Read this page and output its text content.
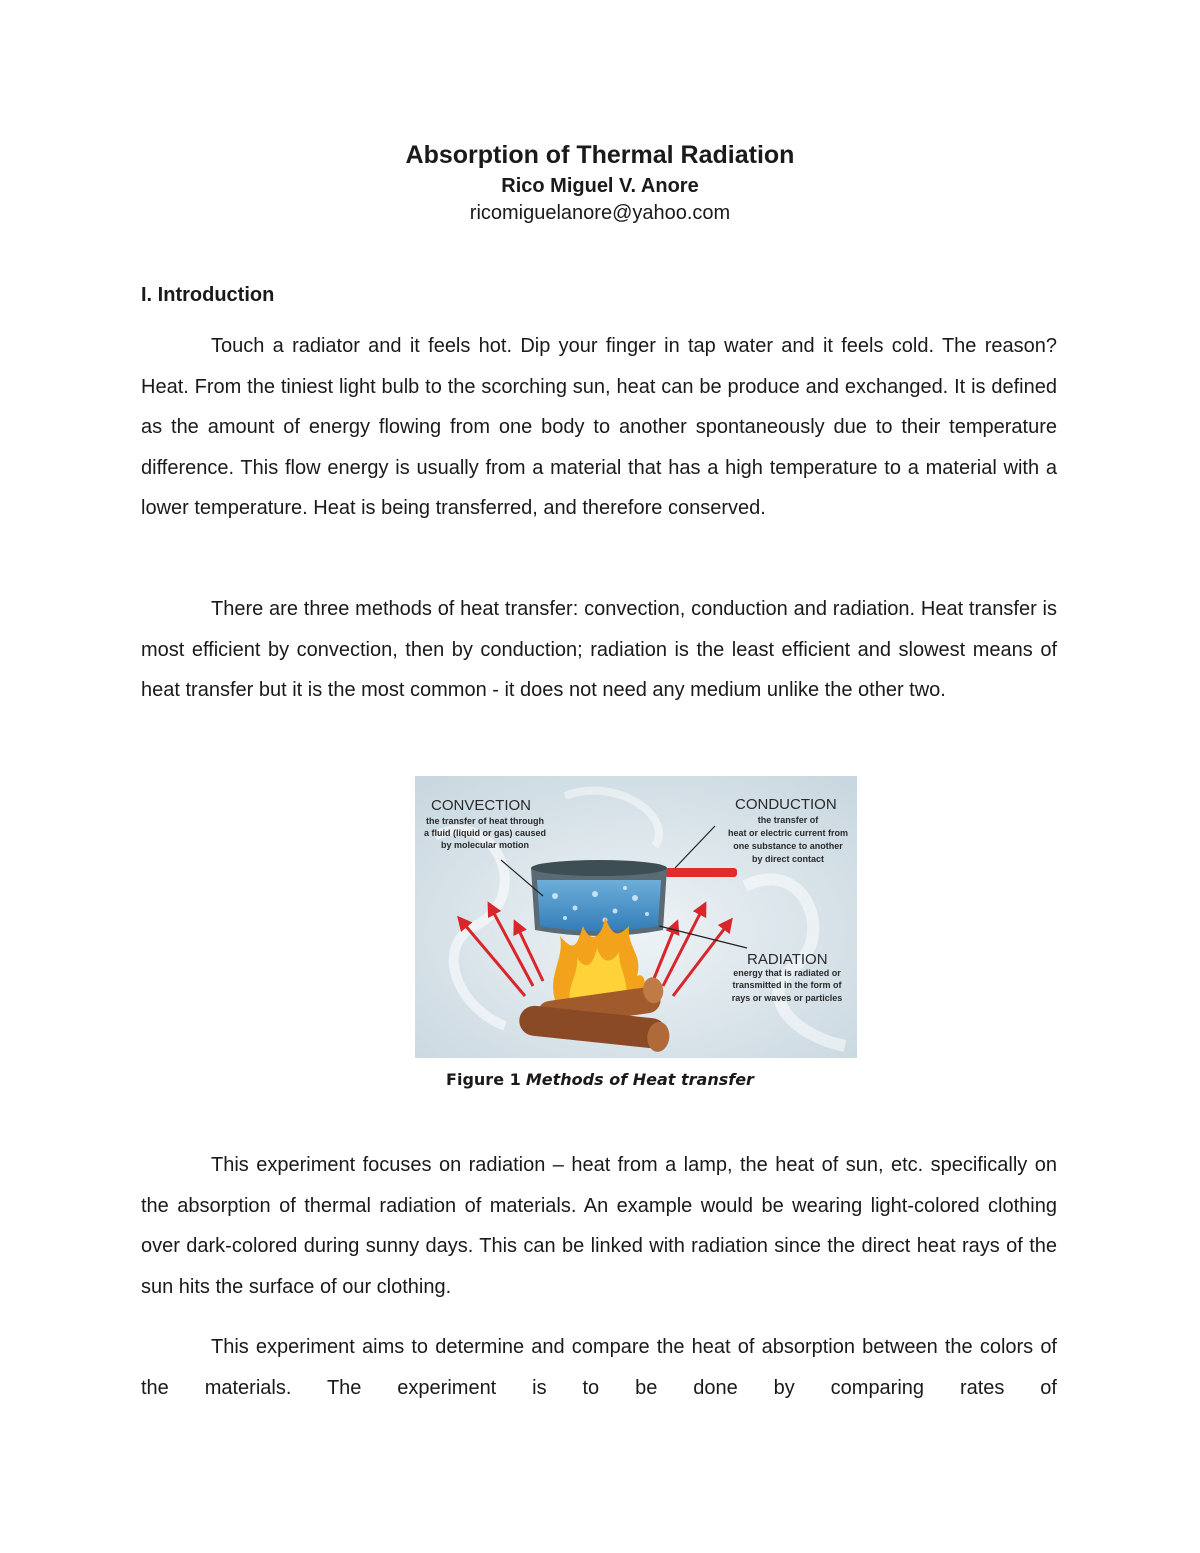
Absorption of Thermal Radiation

Rico Miguel V. Anore

ricomiguelanore@yahoo.com

I. Introduction

Touch a radiator and it feels hot. Dip your finger in tap water and it feels cold. The reason? Heat. From the tiniest light bulb to the scorching sun, heat can be produce and exchanged. It is defined as the amount of energy flowing from one body to another spontaneously due to their temperature difference. This flow energy is usually from a material that has a high temperature to a material with a lower temperature. Heat is being transferred, and therefore conserved.

There are three methods of heat transfer: convection, conduction and radiation. Heat transfer is most efficient by convection, then by conduction; radiation is the least efficient and slowest means of heat transfer but it is the most common - it does not need any medium unlike the other two.

CONVECTION
the transfer of heat through
a fluid (liquid or gas) caused
by molecular motion
CONDUCTION
the transfer of
heat or electric current from
one substance to another
by direct contact
RADIATION
energy that is radiated or
transmitted in the form of
rays or waves or particles

Figure 1 Methods of Heat transfer

This experiment focuses on radiation – heat from a lamp, the heat of sun, etc. specifically on the absorption of thermal radiation of materials. An example would be wearing light-colored clothing over dark-colored during sunny days. This can be linked with radiation since the direct heat rays of the sun hits the surface of our clothing.

This experiment aims to determine and compare the heat of absorption between the colors of the materials. The experiment is to be done by comparing rates of
